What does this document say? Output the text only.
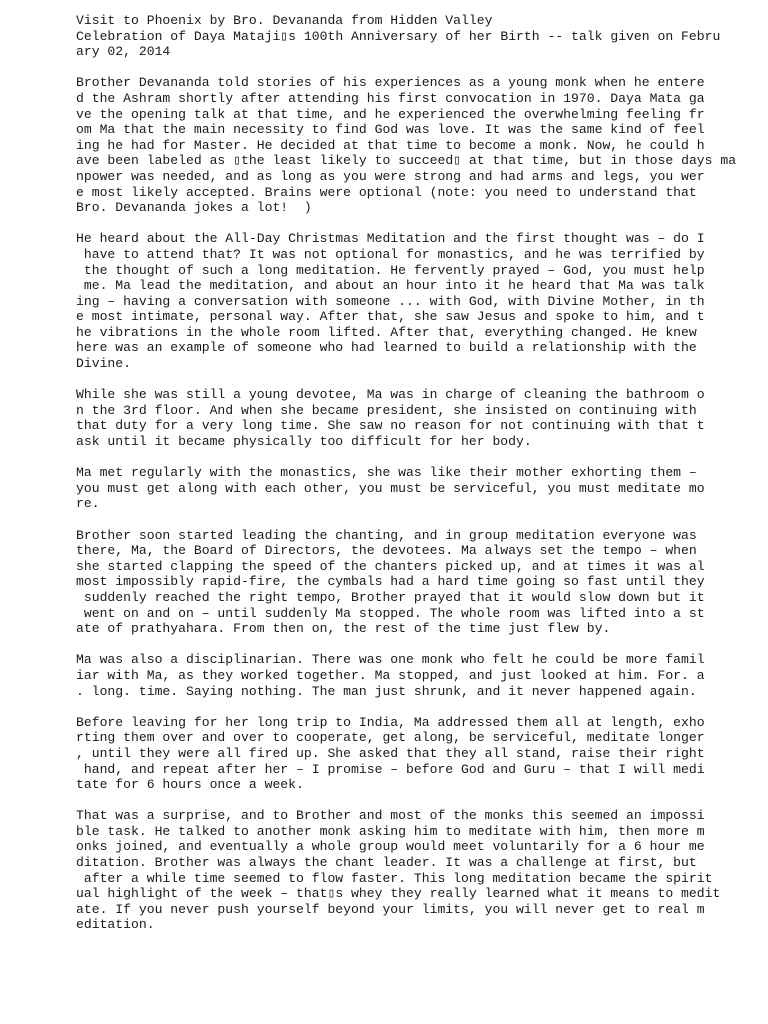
Visit to Phoenix by Bro. Devananda from Hidden Valley
Celebration of Daya Mataji▯s 100th Anniversary of her Birth -- talk given on Febru
ary 02, 2014
Brother Devananda told stories of his experiences as a young monk when he entere
d the Ashram shortly after attending his first convocation in 1970. Daya Mata ga
ve the opening talk at that time, and he experienced the overwhelming feeling fr
om Ma that the main necessity to find God was love. It was the same kind of feel
ing he had for Master. He decided at that time to become a monk. Now, he could h
ave been labeled as ▯the least likely to succeed▯ at that time, but in those days ma
npower was needed, and as long as you were strong and had arms and legs, you wer
e most likely accepted. Brains were optional (note: you need to understand that
Bro. Devananda jokes a lot!  )
He heard about the All-Day Christmas Meditation and the first thought was – do I
have to attend that? It was not optional for monastics, and he was terrified by
the thought of such a long meditation. He fervently prayed – God, you must help
me. Ma lead the meditation, and about an hour into it he heard that Ma was talk
ing – having a conversation with someone ... with God, with Divine Mother, in th
e most intimate, personal way. After that, she saw Jesus and spoke to him, and t
he vibrations in the whole room lifted. After that, everything changed. He knew
here was an example of someone who had learned to build a relationship with the
Divine.
While she was still a young devotee, Ma was in charge of cleaning the bathroom o
n the 3rd floor. And when she became president, she insisted on continuing with
that duty for a very long time. She saw no reason for not continuing with that t
ask until it became physically too difficult for her body.
Ma met regularly with the monastics, she was like their mother exhorting them –
you must get along with each other, you must be serviceful, you must meditate mo
re.
Brother soon started leading the chanting, and in group meditation everyone was
there, Ma, the Board of Directors, the devotees. Ma always set the tempo – when
she started clapping the speed of the chanters picked up, and at times it was al
most impossibly rapid-fire, the cymbals had a hard time going so fast until they
suddenly reached the right tempo, Brother prayed that it would slow down but it
went on and on – until suddenly Ma stopped. The whole room was lifted into a st
ate of prathyahara. From then on, the rest of the time just flew by.
Ma was also a disciplinarian. There was one monk who felt he could be more famil
iar with Ma, as they worked together. Ma stopped, and just looked at him. For. a
. long. time. Saying nothing. The man just shrunk, and it never happened again.
Before leaving for her long trip to India, Ma addressed them all at length, exho
rting them over and over to cooperate, get along, be serviceful, meditate longer
, until they were all fired up. She asked that they all stand, raise their right
hand, and repeat after her – I promise – before God and Guru – that I will medi
tate for 6 hours once a week.
That was a surprise, and to Brother and most of the monks this seemed an impossi
ble task. He talked to another monk asking him to meditate with him, then more m
onks joined, and eventually a whole group would meet voluntarily for a 6 hour me
ditation. Brother was always the chant leader. It was a challenge at first, but
after a while time seemed to flow faster. This long meditation became the spirit
ual highlight of the week – that▯s whey they really learned what it means to medit
ate. If you never push yourself beyond your limits, you will never get to real m
editation.
